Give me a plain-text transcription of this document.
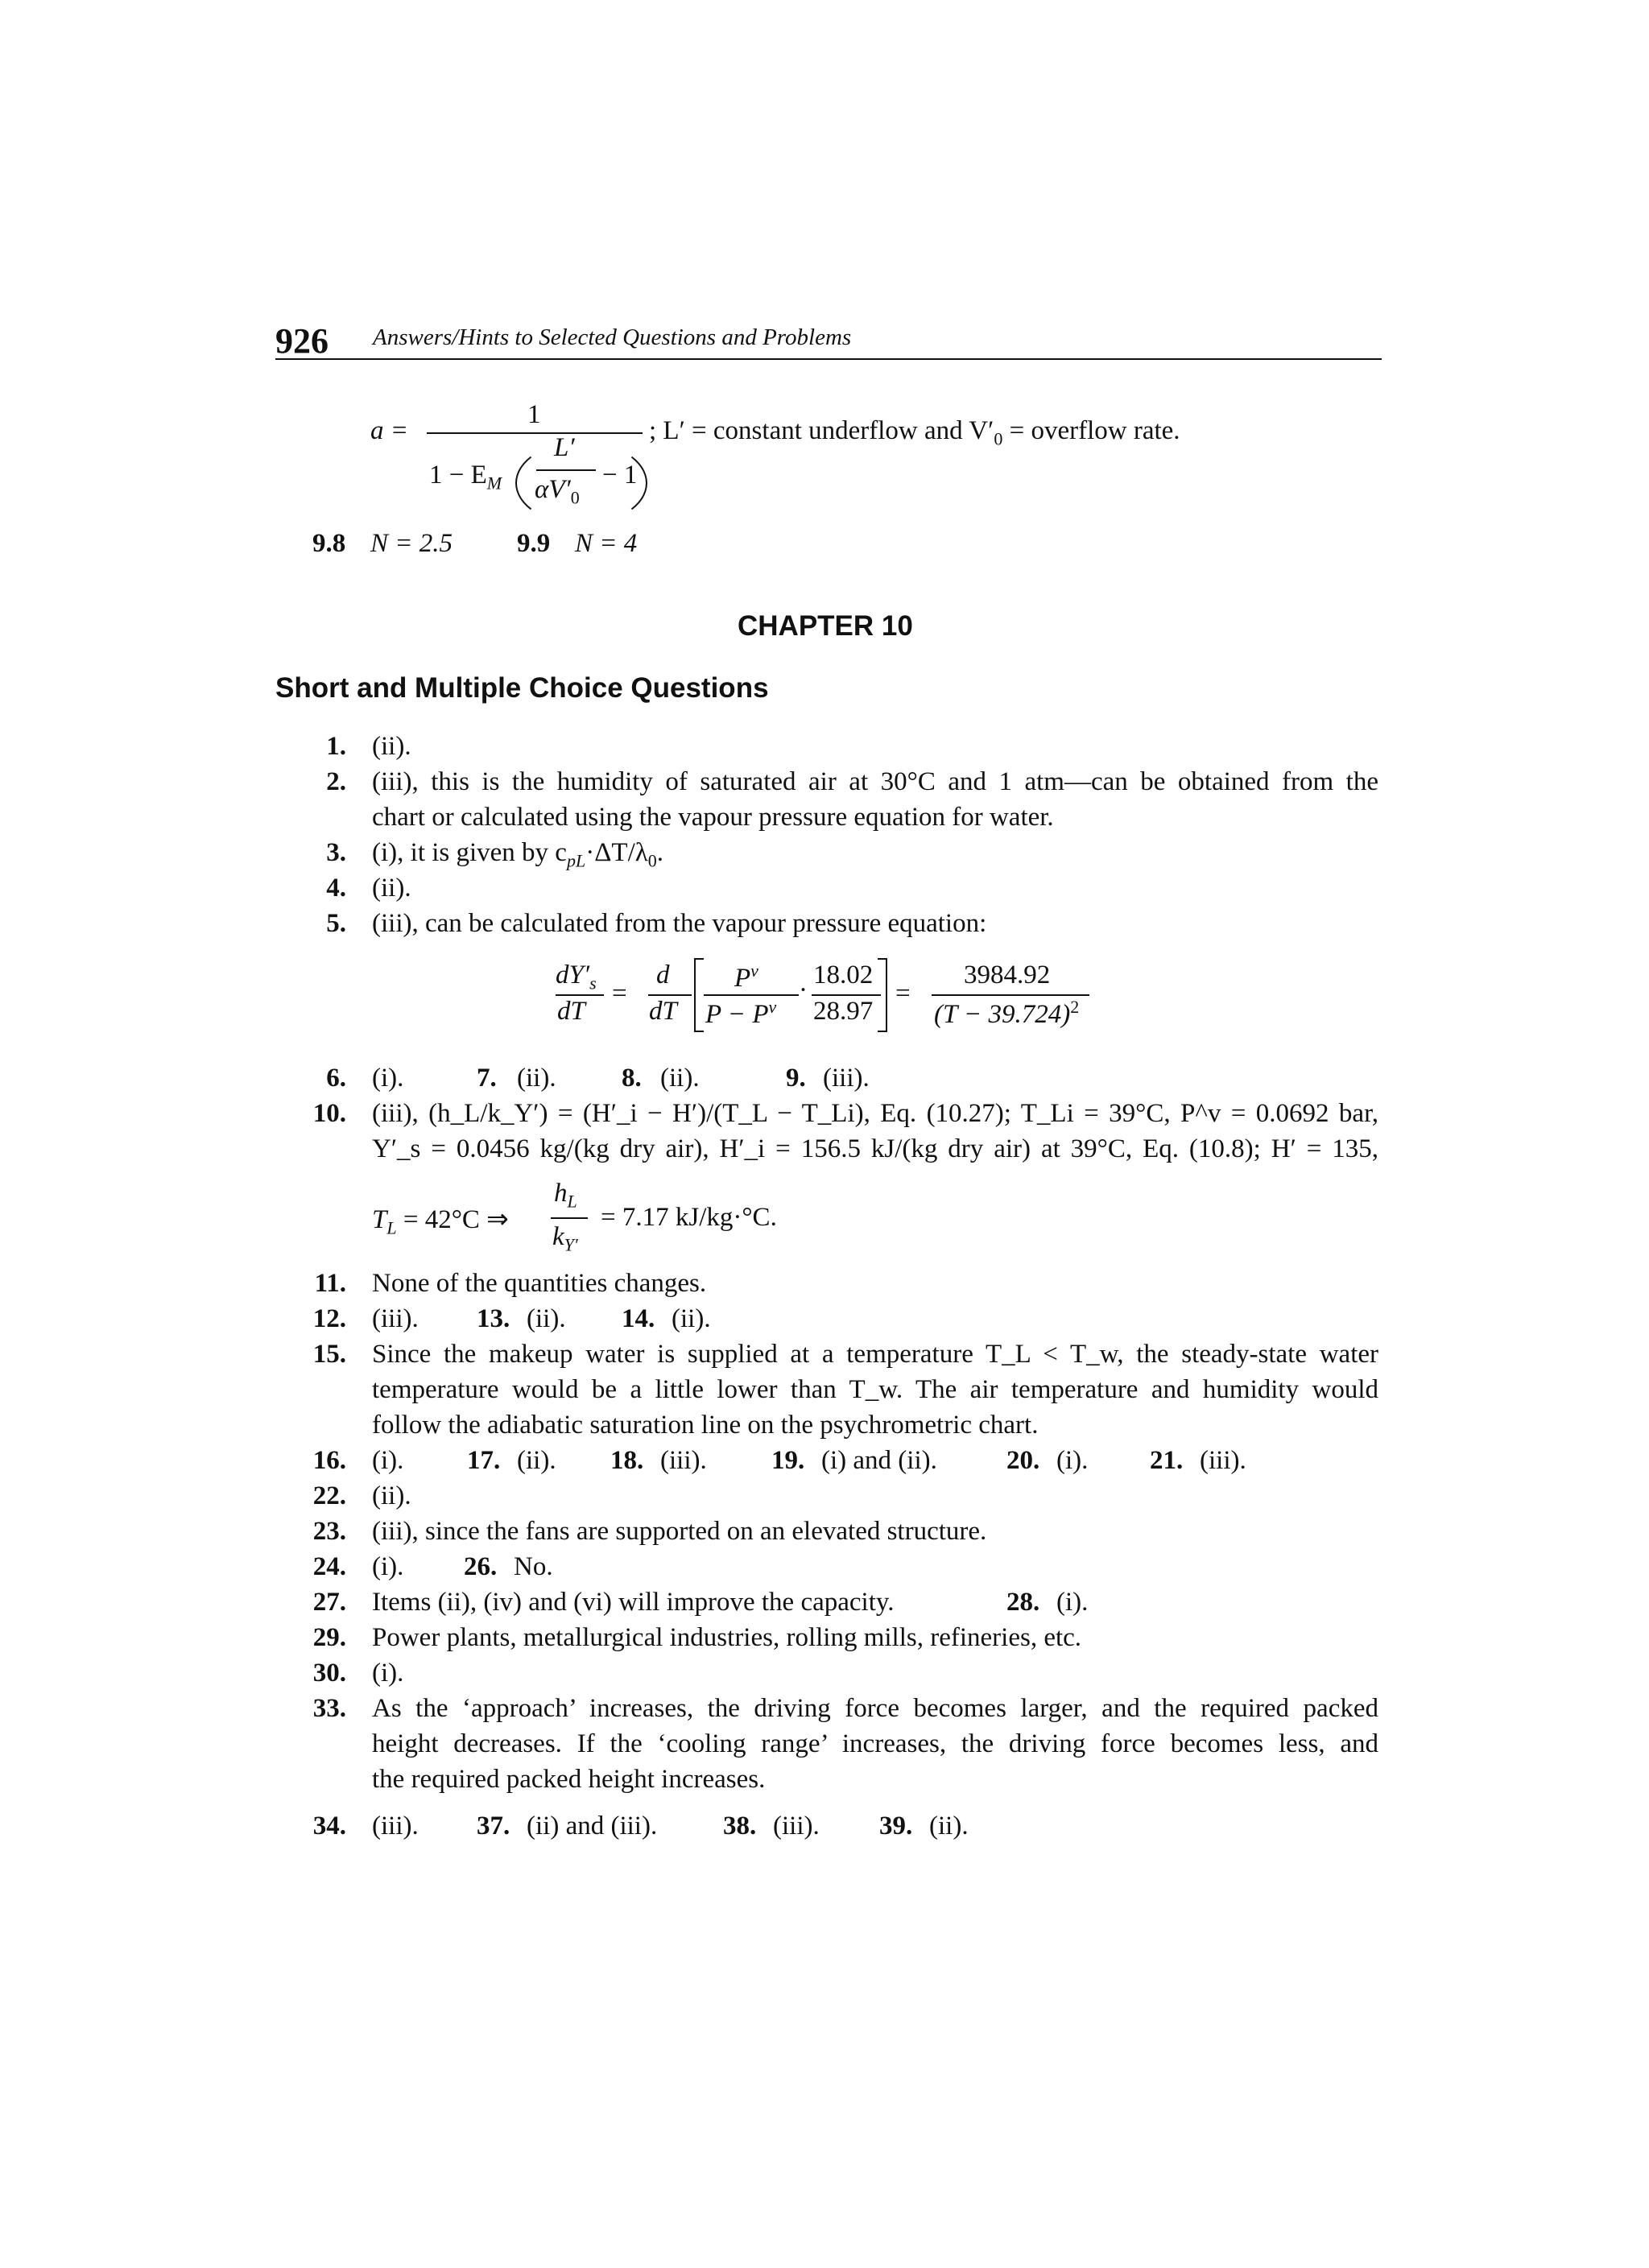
926 Answers/Hints to Selected Questions and Problems
a =
1
$1 - E_M$
L′
$\alpha V'_0$
− 1
; L′ = constant underflow and $V'_0$ = overflow rate.
9.8 N = 2.5 9.9 N = 4
CHAPTER 10
Short and Multiple Choice Questions
1. (ii).
2. (iii), this is the humidity of saturated air at 30°C and 1 atm—can be obtained from the
chart or calculated using the vapour pressure equation for water.
3. (i), it is given by $c_{pL}\cdot\Delta T/\lambda_0$.
4. (ii).
5. (iii), can be calculated from the vapour pressure equation:
$dY'_s$
dT
=
d
dT
$P^v$
$P - P^v$
·
18.02
28.97
=
3984.92
$(T - 39.724)^2$
6. (i).	7. (ii). 8. (ii).	9. (iii).
10. (iii), (h_L/k_Y′) = (H′_i − H′)/(T_L − T_Li), Eq. (10.27); T_Li = 39°C, P^v = 0.0692 bar,
Y′_s = 0.0456 kg/(kg dry air), H′_i = 156.5 kJ/(kg dry air) at 39°C, Eq. (10.8); H′ = 135,
$T_L = 42^\circ C$ ⇒
$h_L$
$k_{Y'}$
= 7.17 kJ/kg·°C.
11. None of the quantities changes.
12. (iii). 13. (ii). 14. (ii).
15. Since the makeup water is supplied at a temperature T_L < T_w, the steady-state water
temperature would be a little lower than T_w. The air temperature and humidity would
follow the adiabatic saturation line on the psychrometric chart.
16. (i). 17. (ii). 18. (iii). 19. (i) and (ii).	20. (i). 21. (iii).
22. (ii).
23. (iii), since the fans are supported on an elevated structure.
24. (i). 26. No.
27. Items (ii), (iv) and (vi) will improve the capacity.	28. (i).
29. Power plants, metallurgical industries, rolling mills, refineries, etc.
30. (i).
33. As the ‘approach’ increases, the driving force becomes larger, and the required packed
height decreases. If the ‘cooling range’ increases, the driving force becomes less, and
the required packed height increases.
34. (iii). 37. (ii) and (iii). 38. (iii). 39. (ii).
